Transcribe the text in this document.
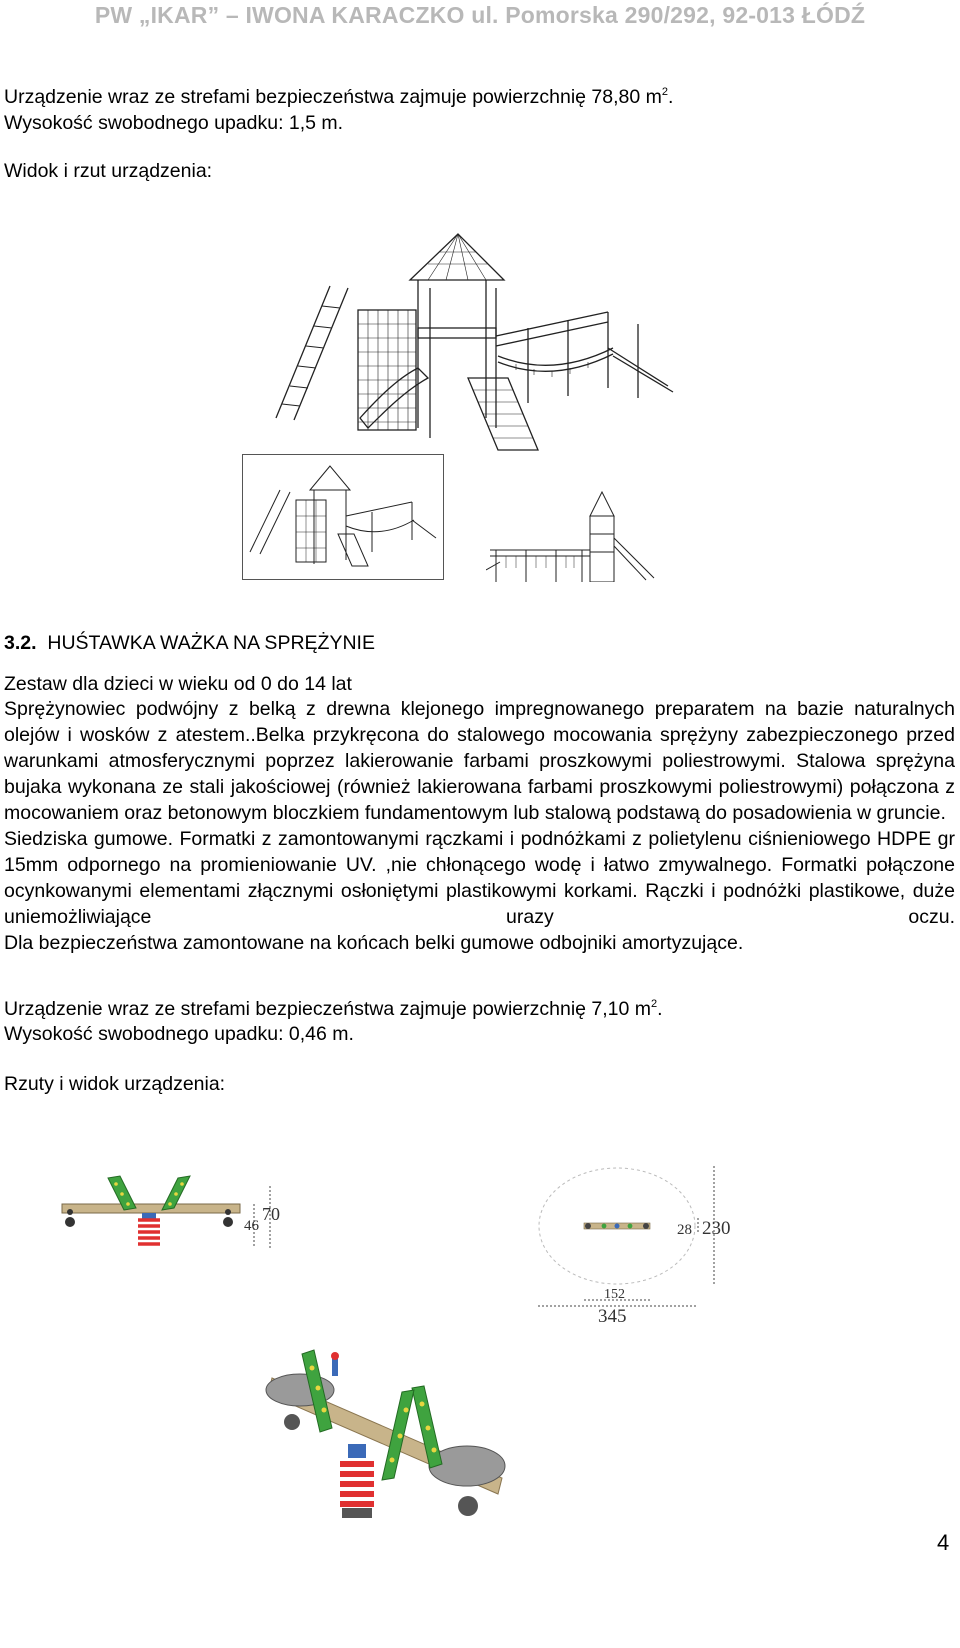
PW „IKAR” – IWONA KARACZKO ul. Pomorska 290/292, 92-013 ŁÓDŹ
Urządzenie wraz ze strefami bezpieczeństwa zajmuje powierzchnię 78,80 $m^2$.
Wysokość swobodnego upadku: 1,5 m.
Widok i rzut urządzenia:
3.2. HUŚTAWKA WAŻKA NA SPRĘŻYNIE
Zestaw dla dzieci w wieku od 0 do 14 lat

Sprężynowiec podwójny z belką z drewna klejonego impregnowanego preparatem na bazie naturalnych olejów i wosków z atestem..Belka przykręcona do stalowego mocowania sprężyny zabezpieczonego przed warunkami atmosferycznymi poprzez lakierowanie farbami proszkowymi poliestrowymi. Stalowa sprężyna bujaka wykonana ze stali jakościowej (również lakierowana farbami proszkowymi poliestrowymi) połączona z mocowaniem oraz betonowym bloczkiem fundamentowym lub stalową podstawą do posadowienia w gruncie.

Siedziska gumowe. Formatki z zamontowanymi rączkami i podnóżkami z polietylenu ciśnieniowego HDPE gr 15mm odpornego na promieniowanie UV. ,nie chłonącego wodę i łatwo zmywalnego. Formatki połączone ocynkowanymi elementami złącznymi osłoniętymi plastikowymi korkami. Rączki i podnóżki plastikowe, duże uniemożliwiające urazy oczu.

Dla bezpieczeństwa zamontowane na końcach belki gumowe odbojniki amortyzujące.

Urządzenie wraz ze strefami bezpieczeństwa zajmuje powierzchnię 7,10 $m^2$.
Wysokość swobodnego upadku: 0,46 m.
Rzuty i widok urządzenia:
46
70
28 230
152
345
4
